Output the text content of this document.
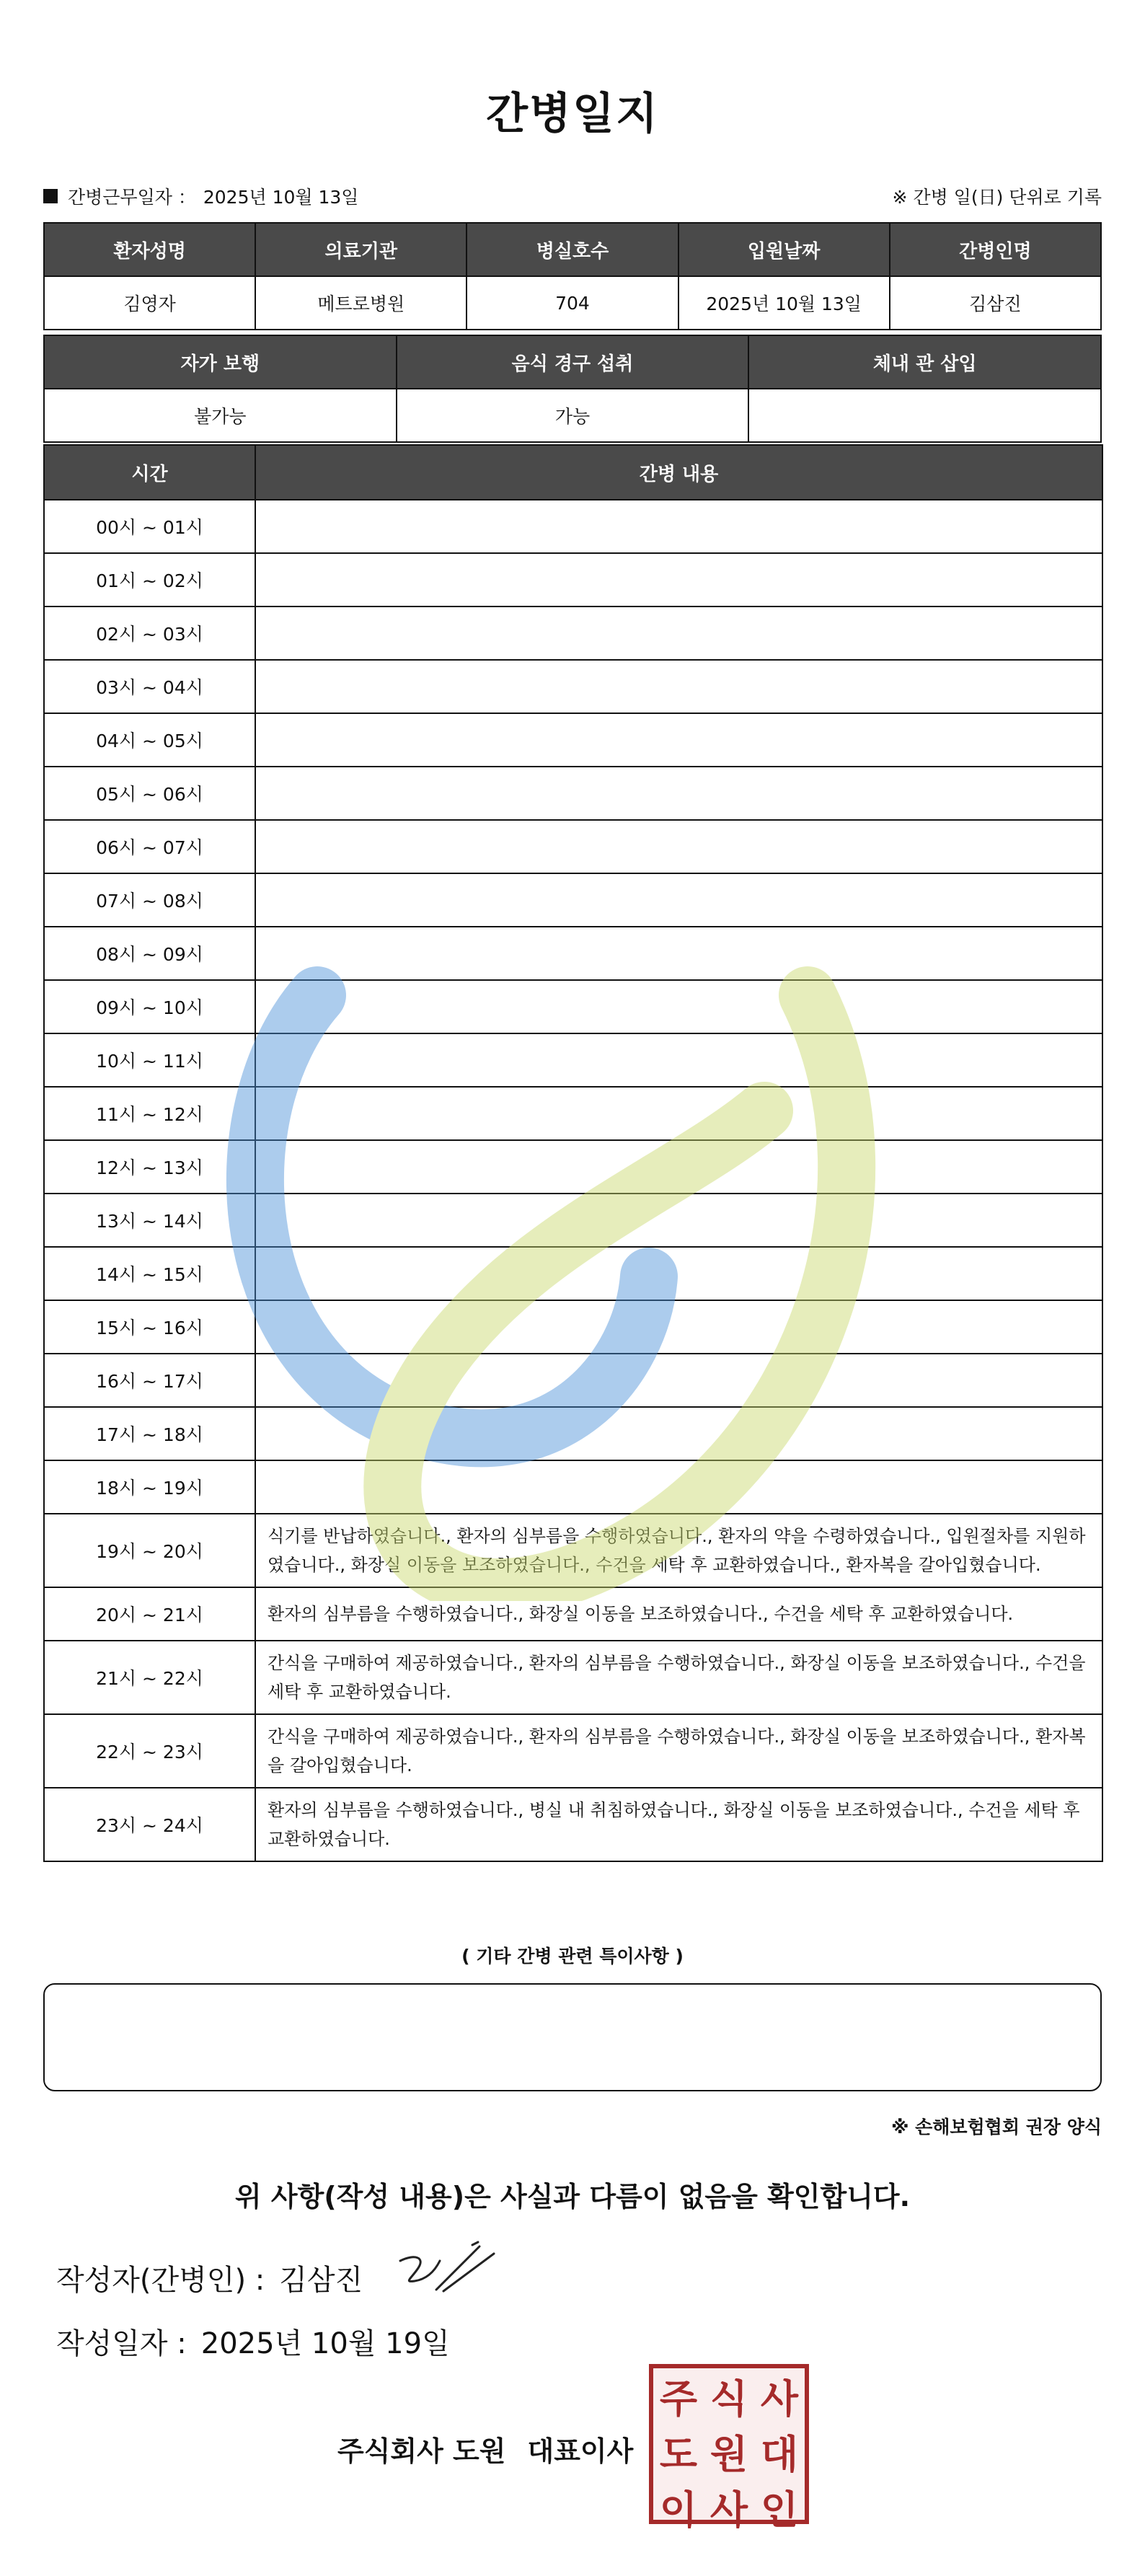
간병일지
간병근무일자 ： 2025년 10월 13일	※ 간병 일(日) 단위로 기록
환자성명	의료기관	병실호수	입원날짜	간병인명
김영자	메트로병원	704	2025년 10월 13일	김삼진
자가 보행	음식 경구 섭취	체내 관 삽입
불가능	가능	
시간	간병 내용
00시 ~ 01시	
01시 ~ 02시	
02시 ~ 03시	
03시 ~ 04시	
04시 ~ 05시	
05시 ~ 06시	
06시 ~ 07시	
07시 ~ 08시	
08시 ~ 09시	
09시 ~ 10시	
10시 ~ 11시	
11시 ~ 12시	
12시 ~ 13시	
13시 ~ 14시	
14시 ~ 15시	
15시 ~ 16시	
16시 ~ 17시	
17시 ~ 18시	
18시 ~ 19시	
19시 ~ 20시	식기를 반납하였습니다., 환자의 심부름을 수행하였습니다., 환자의 약을 수령하였습니다., 입원절차를 지원하였습니다., 화장실 이동을 보조하였습니다., 수건을 세탁 후 교환하였습니다., 환자복을 갈아입혔습니다.
20시 ~ 21시	환자의 심부름을 수행하였습니다., 화장실 이동을 보조하였습니다., 수건을 세탁 후 교환하였습니다.
21시 ~ 22시	간식을 구매하여 제공하였습니다., 환자의 심부름을 수행하였습니다., 화장실 이동을 보조하였습니다., 수건을 세탁 후 교환하였습니다.
22시 ~ 23시	간식을 구매하여 제공하였습니다., 환자의 심부름을 수행하였습니다., 화장실 이동을 보조하였습니다., 환자복을 갈아입혔습니다.
23시 ~ 24시	환자의 심부름을 수행하였습니다., 병실 내 취침하였습니다., 화장실 이동을 보조하였습니다., 수건을 세탁 후 교환하였습니다.
( 기타 간병 관련 특이사항 )
※ 손해보험협회 권장 양식
위 사항(작성 내용)은 사실과 다름이 없음을 확인합니다.
작성자(간병인) : 김삼진
작성일자 : 2025년 10월 19일
주식회사 도원 대표이사
주 식 사
도 원 대
이 사 인
